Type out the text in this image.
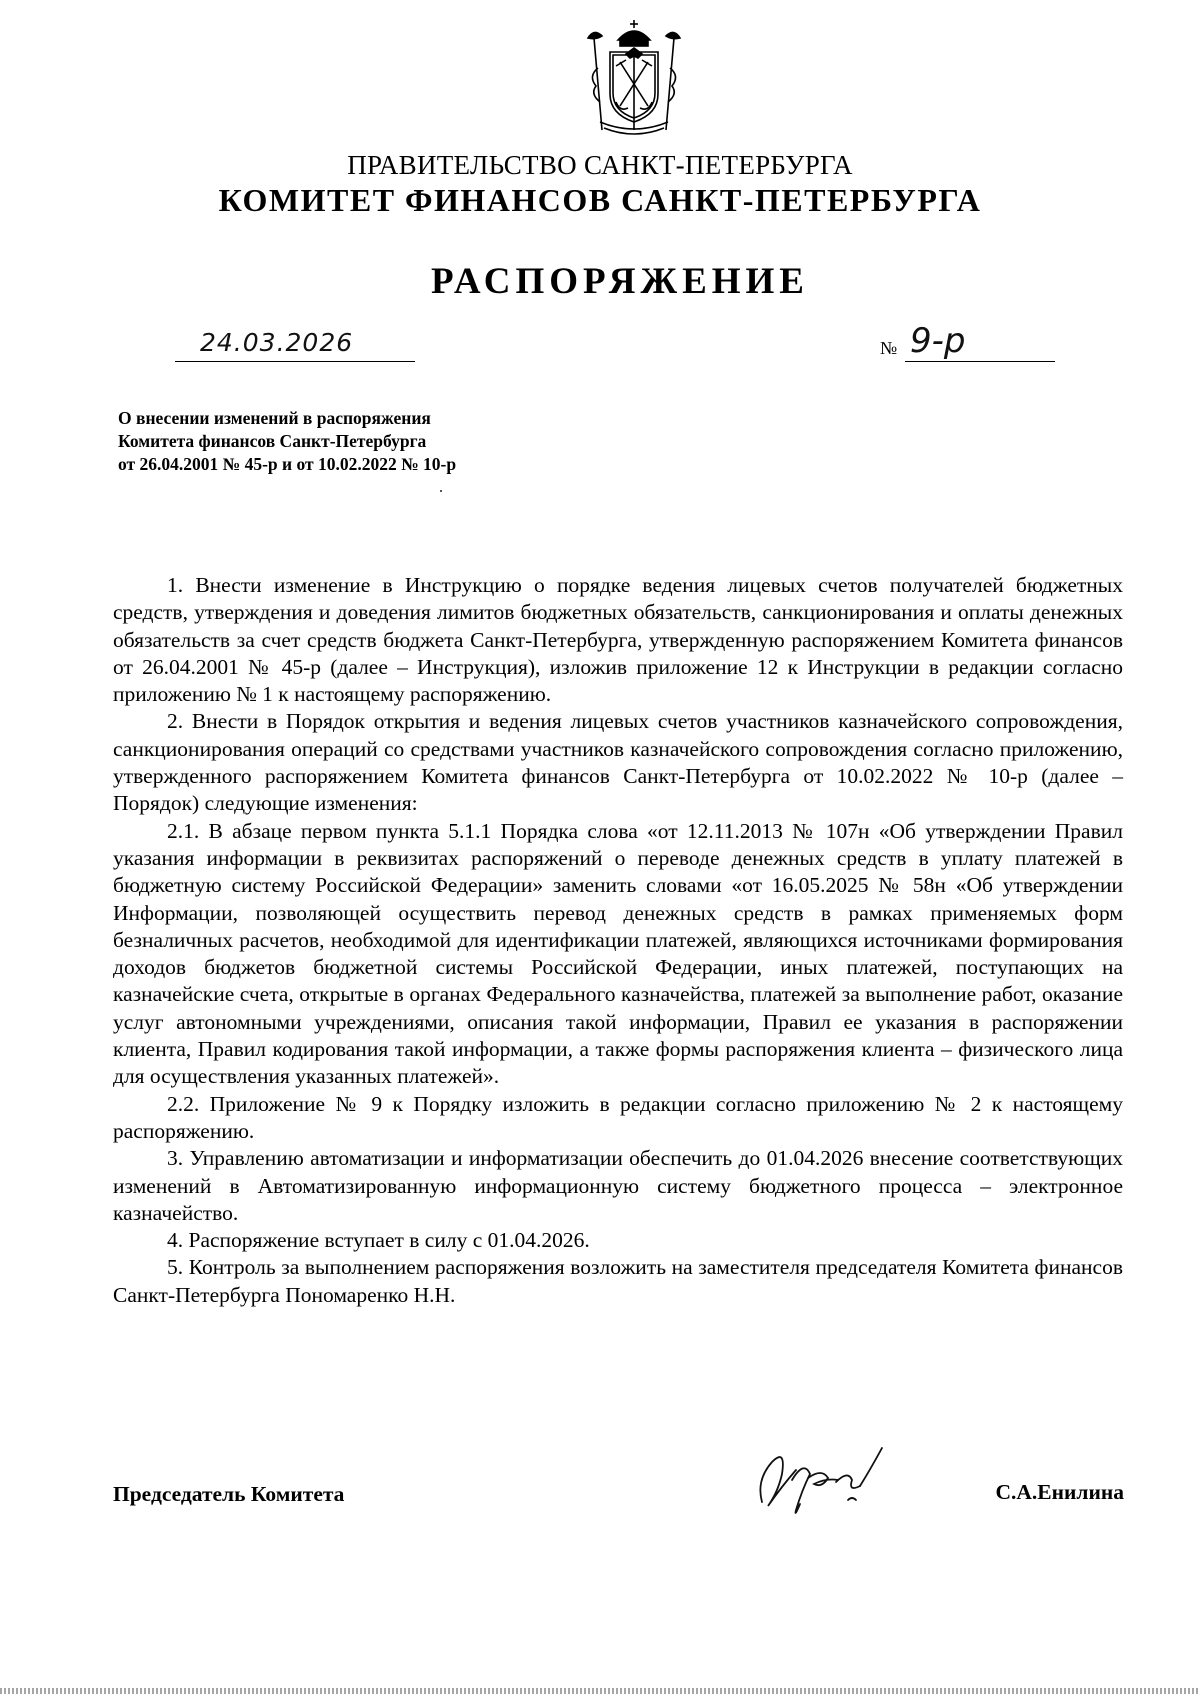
ПРАВИТЕЛЬСТВО САНКТ-ПЕТЕРБУРГА
КОМИТЕТ ФИНАНСОВ САНКТ-ПЕТЕРБУРГА
РАСПОРЯЖЕНИЕ
24.03.2026	№ 9-р
О внесении изменений в распоряжения
Комитета финансов Санкт-Петербурга
от 26.04.2001 № 45-р и от 10.02.2022 № 10-р

1. Внести изменение в Инструкцию о порядке ведения лицевых счетов получателей бюджетных средств, утверждения и доведения лимитов бюджетных обязательств, санкционирования и оплаты денежных обязательств за счет средств бюджета Санкт-Петербурга, утвержденную распоряжением Комитета финансов от 26.04.2001 № 45-р (далее – Инструкция), изложив приложение 12 к Инструкции в редакции согласно приложению № 1 к настоящему распоряжению.

2. Внести в Порядок открытия и ведения лицевых счетов участников казначейского сопровождения, санкционирования операций со средствами участников казначейского сопровождения согласно приложению, утвержденного распоряжением Комитета финансов Санкт-Петербурга от 10.02.2022 № 10-р (далее – Порядок) следующие изменения:

2.1. В абзаце первом пункта 5.1.1 Порядка слова «от 12.11.2013 № 107н «Об утверждении Правил указания информации в реквизитах распоряжений о переводе денежных средств в уплату платежей в бюджетную систему Российской Федерации» заменить словами «от 16.05.2025 № 58н «Об утверждении Информации, позволяющей осуществить перевод денежных средств в рамках применяемых форм безналичных расчетов, необходимой для идентификации платежей, являющихся источниками формирования доходов бюджетов бюджетной системы Российской Федерации, иных платежей, поступающих на казначейские счета, открытые в органах Федерального казначейства, платежей за выполнение работ, оказание услуг автономными учреждениями, описания такой информации, Правил ее указания в распоряжении клиента, Правил кодирования такой информации, а также формы распоряжения клиента – физического лица для осуществления указанных платежей».

2.2. Приложение № 9 к Порядку изложить в редакции согласно приложению № 2 к настоящему распоряжению.

3. Управлению автоматизации и информатизации обеспечить до 01.04.2026 внесение соответствующих изменений в Автоматизированную информационную систему бюджетного процесса – электронное казначейство.

4. Распоряжение вступает в силу с 01.04.2026.

5. Контроль за выполнением распоряжения возложить на заместителя председателя Комитета финансов Санкт-Петербурга Пономаренко Н.Н.

Председатель Комитета	С.А.Енилина
